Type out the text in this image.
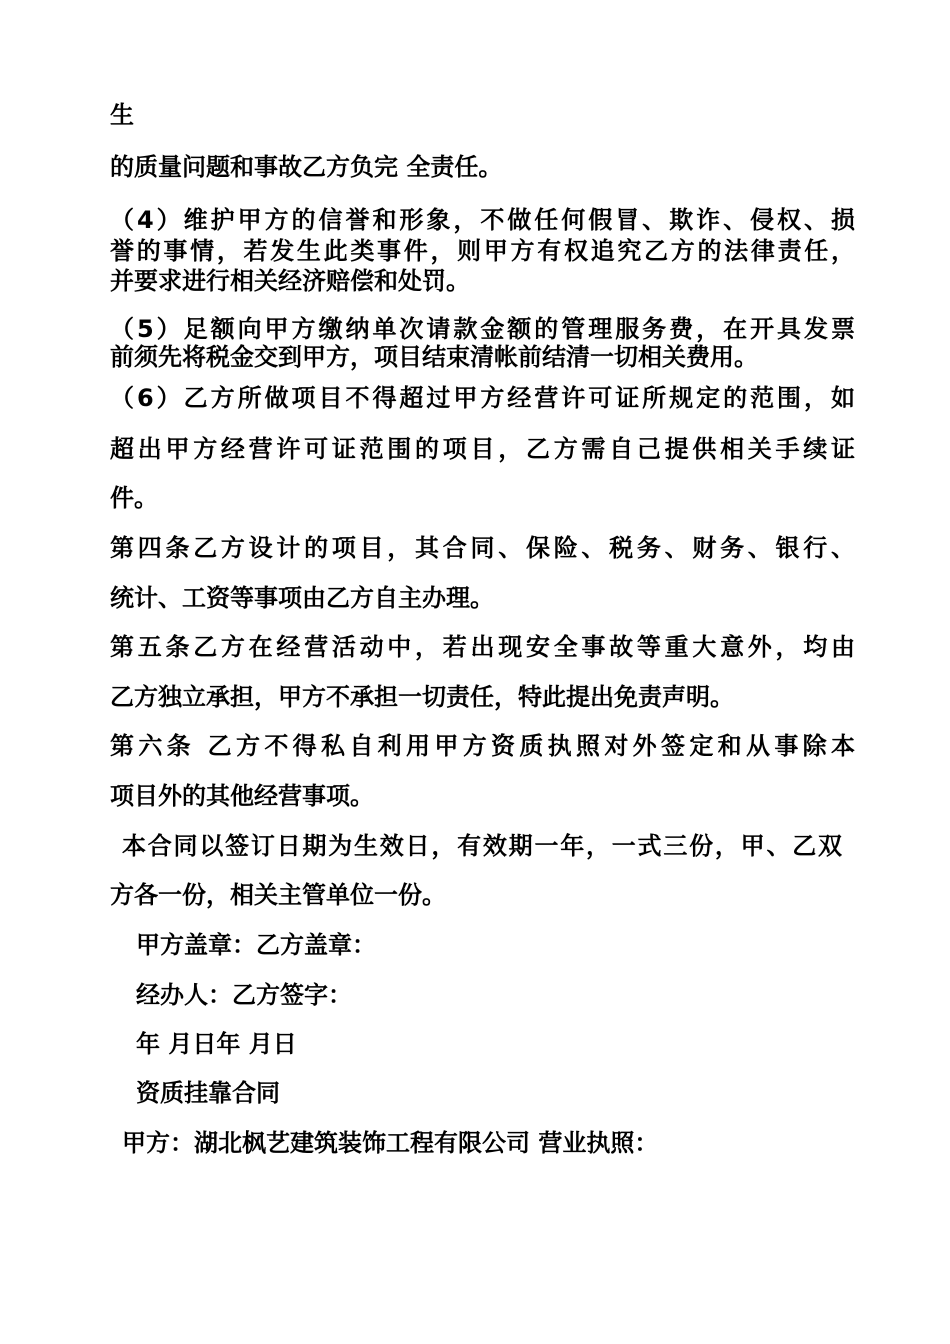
生
的质量问题和事故乙方负完 全责任。
（4）维护甲方的信誉和形象，不做任何假冒、欺诈、侵权、损
誉的事情，若发生此类事件，则甲方有权追究乙方的法律责任，
并要求进行相关经济赔偿和处罚。
（5）足额向甲方缴纳单次请款金额的管理服务费，在开具发票
前须先将税金交到甲方，项目结束清帐前结清一切相关费用。
（6）乙方所做项目不得超过甲方经营许可证所规定的范围，如
超出甲方经营许可证范围的项目，乙方需自己提供相关手续证
件。
第四条乙方设计的项目，其合同、保险、税务、财务、银行、
统计、工资等事项由乙方自主办理。
第五条乙方在经营活动中，若出现安全事故等重大意外，均由
乙方独立承担，甲方不承担一切责任，特此提出免责声明。
第六条 乙方不得私自利用甲方资质执照对外签定和从事除本
项目外的其他经营事项。
本合同以签订日期为生效日，有效期一年，一式三份，甲、乙双
方各一份，相关主管单位一份。
甲方盖章：乙方盖章：
经办人：乙方签字：
年 月日年 月日
资质挂靠合同
甲方：湖北枫艺建筑装饰工程有限公司 营业执照：
